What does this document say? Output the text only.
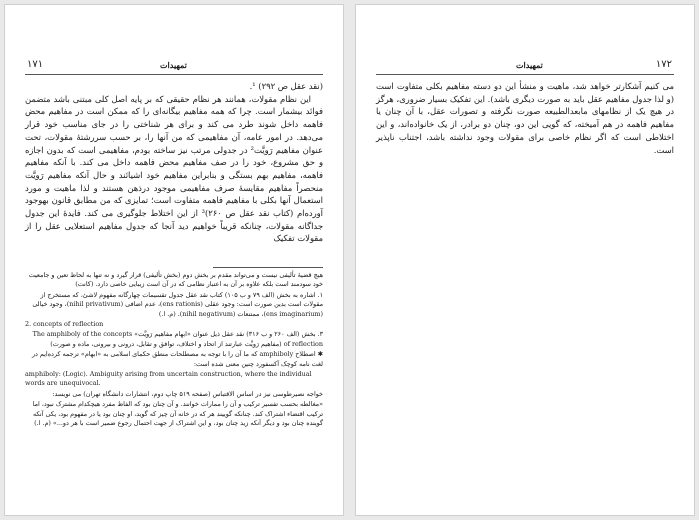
۱۷۱	تمهیدات

(نقد عقل ص ۲۹۲) ¹.

این نظام مقولات، همانند هر نظام حقیقی که بر پایه اصل کلی مبتنی باشد متضمن فوائد بیشمار است. چرا که همه مفاهیم بیگانه‌ای را که ممکن است در مفاهیم محض فاهمه داخل شوند طرد می کند و برای هر شناختی را در جای مناسب خود قرار می‌دهد. در امور عامه، آن مفاهیمی که من آنها را، بر حسب سررشتهٔ مقولات، تحت عنوان مفاهیم رَویَّت² در جدولی مرتب نیز ساخته بودم، مفاهیمی است که بدون اجازه و حق مشروع، خود را در صف مفاهیم محض فاهمه داخل می کند. با آنکه مفاهیم فاهمه، مفاهیم بهم بستگی و بنابراین مفاهیم خود اشیائند و حال آنکه مفاهیم رَویَّت منحصراً مفاهیم مقایسهٔ صرف مفاهیمی موجود درذهن هستند و لذا ماهیت و مورد استعمال آنها بکلی با مفاهیم فاهمه متفاوت است؛ تمایزی که من مطابق قانون بهوجود آورده‌ام (کتاب نقد عقل ص ۲۶۰)³ از این اختلاط جلوگیری می کند. فایدهٔ این جدول جداگانه مقولات، چنانکه قریباً خواهیم دید آنجا که جدول مفاهیم استعلایی عقل را از مقولات تفکیک

هیچ قضیهٔ تألیفی نیست و می‌تواند مقدم بر بخش دوم (بخش تألیفی) قرار گیرد و نه تنها به لحاظ تعین و جامعیت خود سودمند است بلکه علاوه بر آن به اعتبار نظامی که در آن است زیبایی خاصی دارد. (کانت)

۱. اشاره به بخش (الف ۷۹ و ب ۱۰۵) کتاب نقد عقل جدول تقسیمات چهارگانه مفهوم لاشئ، که مستخرج از مقولات است بدین صورت است: وجود عقلی (ens rationis)، عدم اضافی (nihil privativum)، وجود خیالی (ens imaginarium)، ممتنعات (nihil negativum). (م. ا.)

2. concepts of reflection

۳. بخش (الف ۲۶۰ و ب ۳۱۶) نقد عقل ذیل عنوان «ابهام مفاهیم رَویَّت» The amphiboly of the concepts of reflection (مفاهیم رَویَّت عبارتند از اتحاد و اختلاف، توافق و تقابل، درونی و بیرونی، ماده و صورت)

✱ اصطلاح amphiboly که ما آن را با توجه به مصطلحات منطق حکمای اسلامی به «ابهام» ترجمه کرده‌ایم در لغت نامه کوچک آکسفورد چنین معنی شده است:

amphiboly: (Logic). Ambiguity arising from uncertain construction, where the individual words are unequivocal.

خواجه نصیرطوسی نیز در اساس الاقتباس (صفحه ۵۱۹ چاپ دوم، انتشارات دانشگاه تهران) می نویسد:

«مغالطه بحسب تفسیر ترکیب و آن را ممارات خوانند. و آن چنان بود که الفاظ مفرد هیچکدام مشترک نبود، اما ترکیب اقتضاء اشتراک کند. چنانکه گوییند هر که در خانه آن چیز که گوید، او چنان بود یا در مفهوم بود، یکی آنکه گوینده چنان بود و دیگر آنکه زید چنان بود، و این اشتراک از جهت احتمال رجوع ضمیر است با هر دو...» (م. ا.)

۱۷۲
تمهیدات

می کنیم آشکارتر خواهد شد، ماهیت و منشأ این دو دسته مفاهیم بکلی متفاوت است (و لذا جدول مفاهیم عقل باید به صورت دیگری باشد). این تفکیک بسیار ضروری، هرگز در هیچ یک از نظامهای مابعدالطبیعه صورت نگرفته و تصورات عقل، با آن چنان یا مفاهیم فاهمه در هم آمیخته، که گویی این دو، چنان دو برادر، از یک خانواده‌اند، و این اختلاطی است که اگر نظام خاصی برای مقولات وجود نداشته باشد، اجتناب ناپذیر است.
